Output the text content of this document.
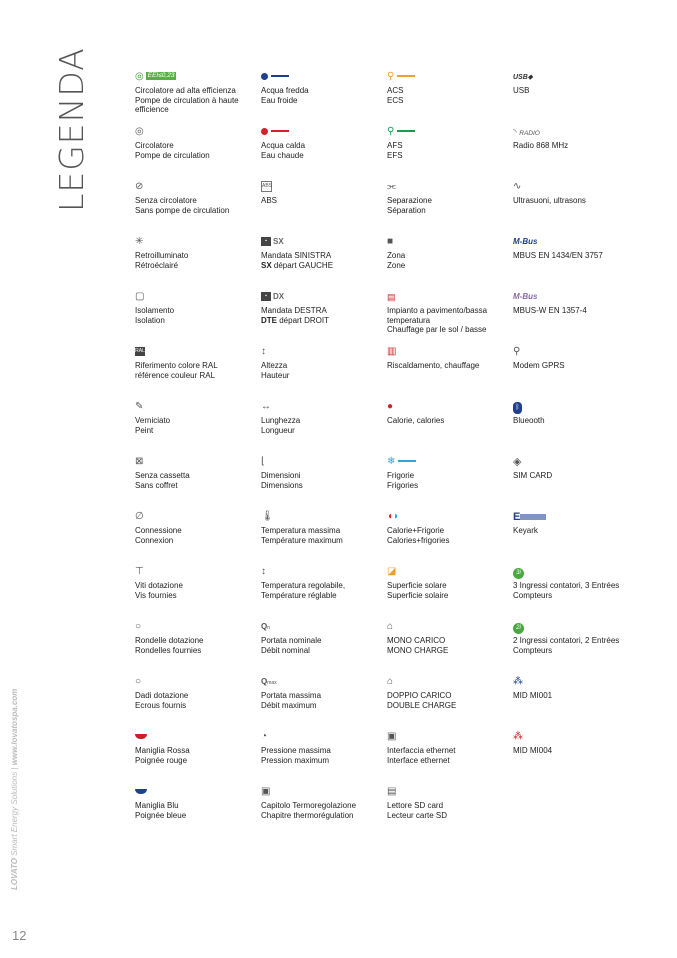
LEGENDA
LOVATO Smart Energy Solutions | www.lovatospa.com
12
◎ EEI≤0,23
Circolatore ad alta efficienza
Pompe de circulation à haute efficience
Acqua fredda
Eau froide
⚲
ACS
ECS
USB⬥
USB
◎
Circolatore
Pompe de circulation
Acqua calda
Eau chaude
⚲
AFS
EFS
◝ RADIO
Radio 868 MHz
⊘
Senza circolatore
Sans pompe de circulation
ABS
ABS
⫘
Separazione
Séparation
∿
Ultrasuoni, ultrasons
✳
Retroilluminato
Rétroéclairé
▪ SX
Mandata SINISTRA
SX départ GAUCHE
■
Zona
Zone
M-Bus
MBUS EN 1434/EN 3757
▢
Isolamento
Isolation
▪ DX
Mandata DESTRA
DTE départ DROIT
▤
Impianto a pavimento/bassa temperatura
Chauffage par le sol / basse
M-Bus
MBUS-W EN 1357-4
RAL
Riferimento colore RAL
référence couleur RAL
↕
Altezza
Hauteur
▥
Riscaldamento, chauffage
⚲
Modem GPRS
✎
Verniciato
Peint
↔
Lunghezza
Longueur
●
Calorie, calories
ᛒ
Blueooth
⊠
Senza cassetta
Sans coffret
⌊
Dimensioni
Dimensions
❄
Frigorie
Frigories
◈
SIM CARD
∅
Connessione
Connexion
🌡︎
Temperatura massima
Température maximum
◖◗
Calorie+Frigorie
Calories+frigories
E
Keyark
⊤
Viti dotazione
Vis fournies
↕
Temperatura regolabile,
Température réglable
◪
Superficie solare
Superficie solaire
3i
3 Ingressi contatori, 3 Entrées
Compteurs
○
Rondelle dotazione
Rondelles fournies
Qn
Portata nominale
Débit nominal
⌂
MONO CARICO
MONO CHARGE
2i
2 Ingressi contatori, 2 Entrées
Compteurs
○
Dadi dotazione
Ecrous fournis
Qmax
Portata massima
Débit maximum
⌂
DOPPIO CARICO
DOUBLE CHARGE
⁂
MID MI001
Maniglia Rossa
Poignée rouge
◔
Pressione massima
Pression maximum
▣
Interfaccia ethernet
Interface ethernet
⁂
MID MI004
Maniglia Blu
Poignée bleue
▣
Capitolo Termoregolazione
Chapitre thermorégulation
▤
Lettore SD card
Lecteur carte SD
